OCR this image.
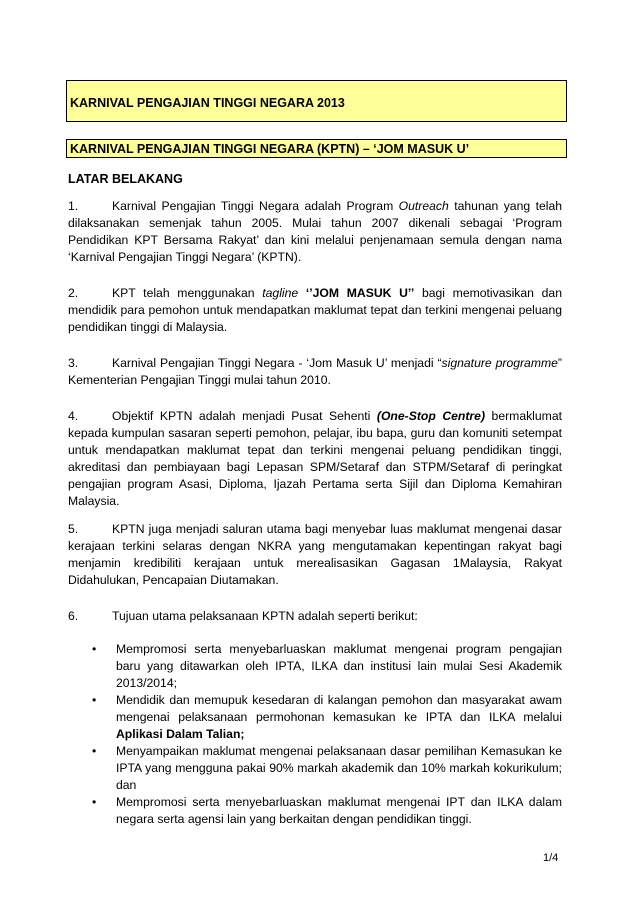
KARNIVAL PENGAJIAN TINGGI NEGARA 2013
KARNIVAL PENGAJIAN TINGGI NEGARA (KPTN) – ‘JOM MASUK U’
LATAR BELAKANG

1.	Karnival Pengajian Tinggi Negara adalah Program Outreach tahunan yang telah dilaksanakan semenjak tahun 2005. Mulai tahun 2007 dikenali sebagai ‘Program Pendidikan KPT Bersama Rakyat’ dan kini melalui penjenamaan semula dengan nama ‘Karnival Pengajian Tinggi Negara’ (KPTN).

2.	KPT telah menggunakan tagline ‘’JOM MASUK U’’ bagi memotivasikan dan mendidik para pemohon untuk mendapatkan maklumat tepat dan terkini mengenai peluang pendidikan tinggi di Malaysia.

3.	Karnival Pengajian Tinggi Negara - ‘Jom Masuk U’ menjadi “signature programme” Kementerian Pengajian Tinggi mulai tahun 2010.

4.	Objektif KPTN adalah menjadi Pusat Sehenti (One-Stop Centre) bermaklumat kepada kumpulan sasaran seperti pemohon, pelajar, ibu bapa, guru dan komuniti setempat untuk mendapatkan maklumat tepat dan terkini mengenai peluang pendidikan tinggi, akreditasi dan pembiayaan bagi Lepasan SPM/Setaraf dan STPM/Setaraf di peringkat pengajian program Asasi, Diploma, Ijazah Pertama serta Sijil dan Diploma Kemahiran Malaysia.

5.	KPTN juga menjadi saluran utama bagi menyebar luas maklumat mengenai dasar kerajaan terkini selaras dengan NKRA yang mengutamakan kepentingan rakyat bagi menjamin kredibiliti kerajaan untuk merealisasikan Gagasan 1Malaysia, Rakyat Didahulukan, Pencapaian Diutamakan.

6.	Tujuan utama pelaksanaan KPTN adalah seperti berikut:

• Mempromosi serta menyebarluaskan maklumat mengenai program pengajian baru yang ditawarkan oleh IPTA, ILKA dan institusi lain mulai Sesi Akademik 2013/2014;
• Mendidik dan memupuk kesedaran di kalangan pemohon dan masyarakat awam mengenai pelaksanaan permohonan kemasukan ke IPTA dan ILKA melalui Aplikasi Dalam Talian;
• Menyampaikan maklumat mengenai pelaksanaan dasar pemilihan Kemasukan ke IPTA yang mengguna pakai 90% markah akademik dan 10% markah kokurikulum; dan
• Mempromosi serta menyebarluaskan maklumat mengenai IPT dan ILKA dalam negara serta agensi lain yang berkaitan dengan pendidikan tinggi.
1/4
